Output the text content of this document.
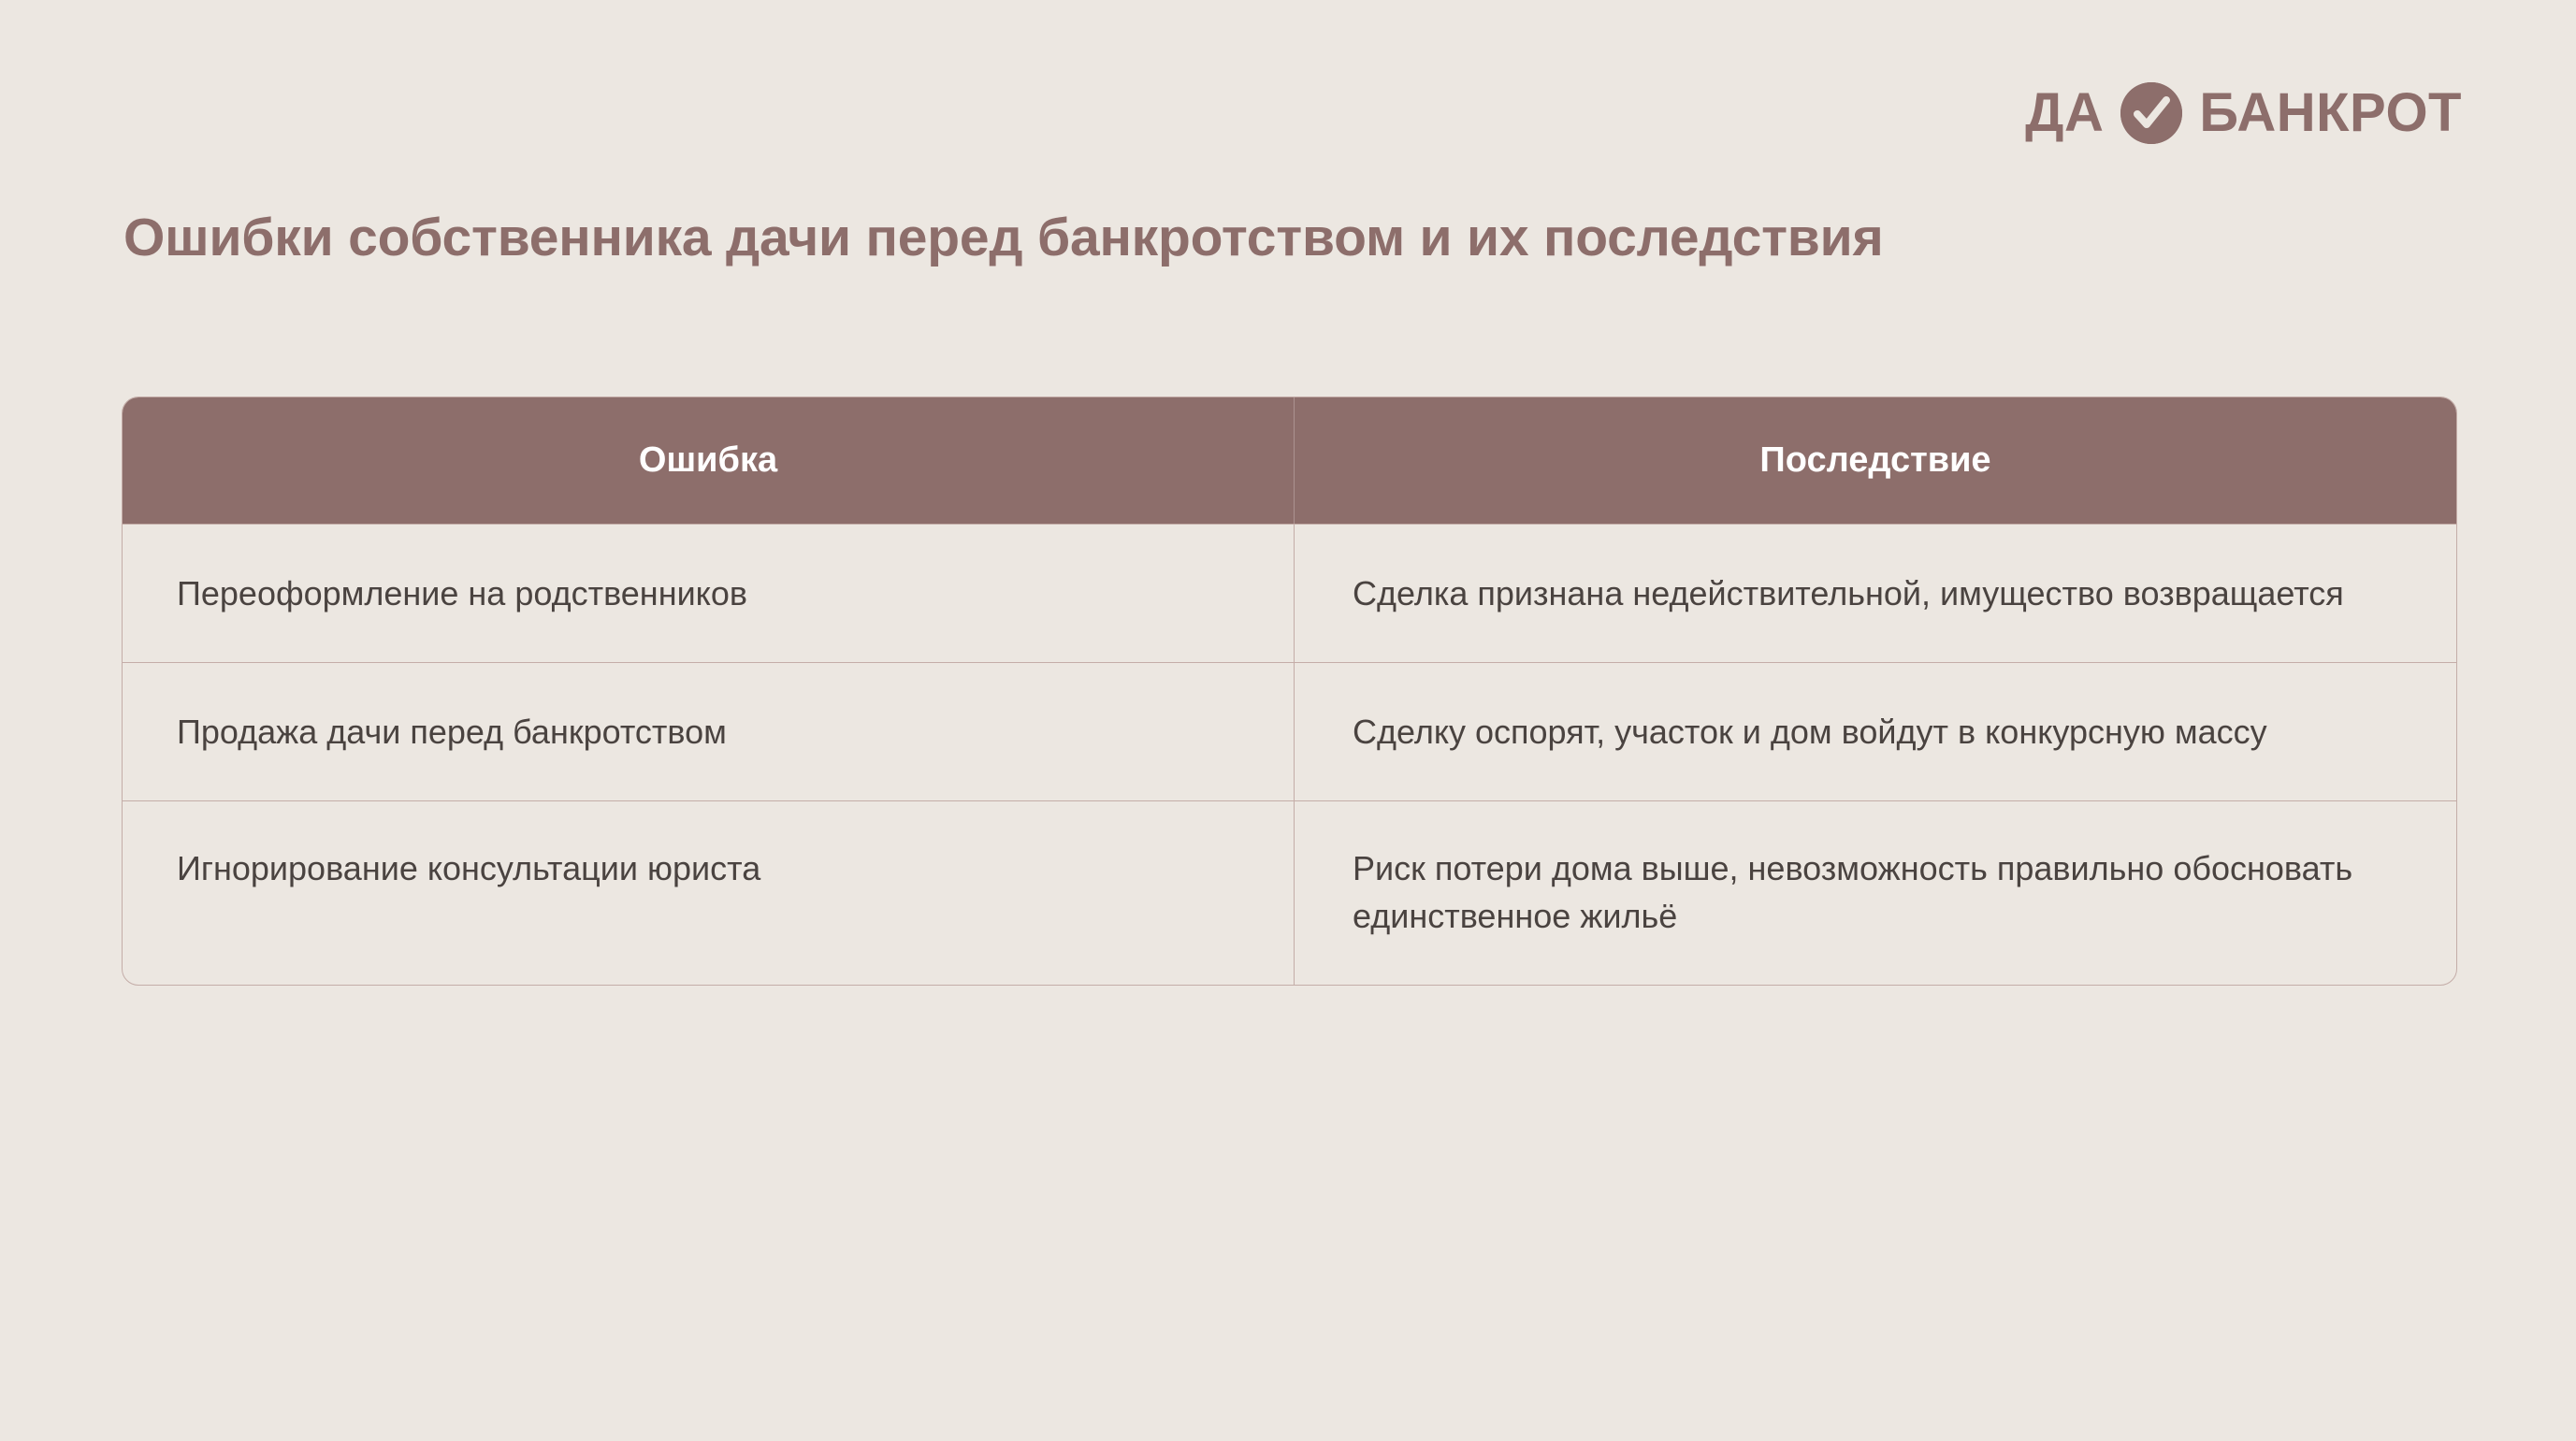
ДА БАНКРОТ
Ошибки собственника дачи перед банкротством и их последствия
Ошибка	Последствие
Переоформление на родственников	Сделка признана недействительной, имущество возвращается
Продажа дачи перед банкротством	Сделку оспорят, участок и дом войдут в конкурсную массу
Игнорирование консультации юриста	Риск потери дома выше, невозможность правильно обосновать единственное жильё
